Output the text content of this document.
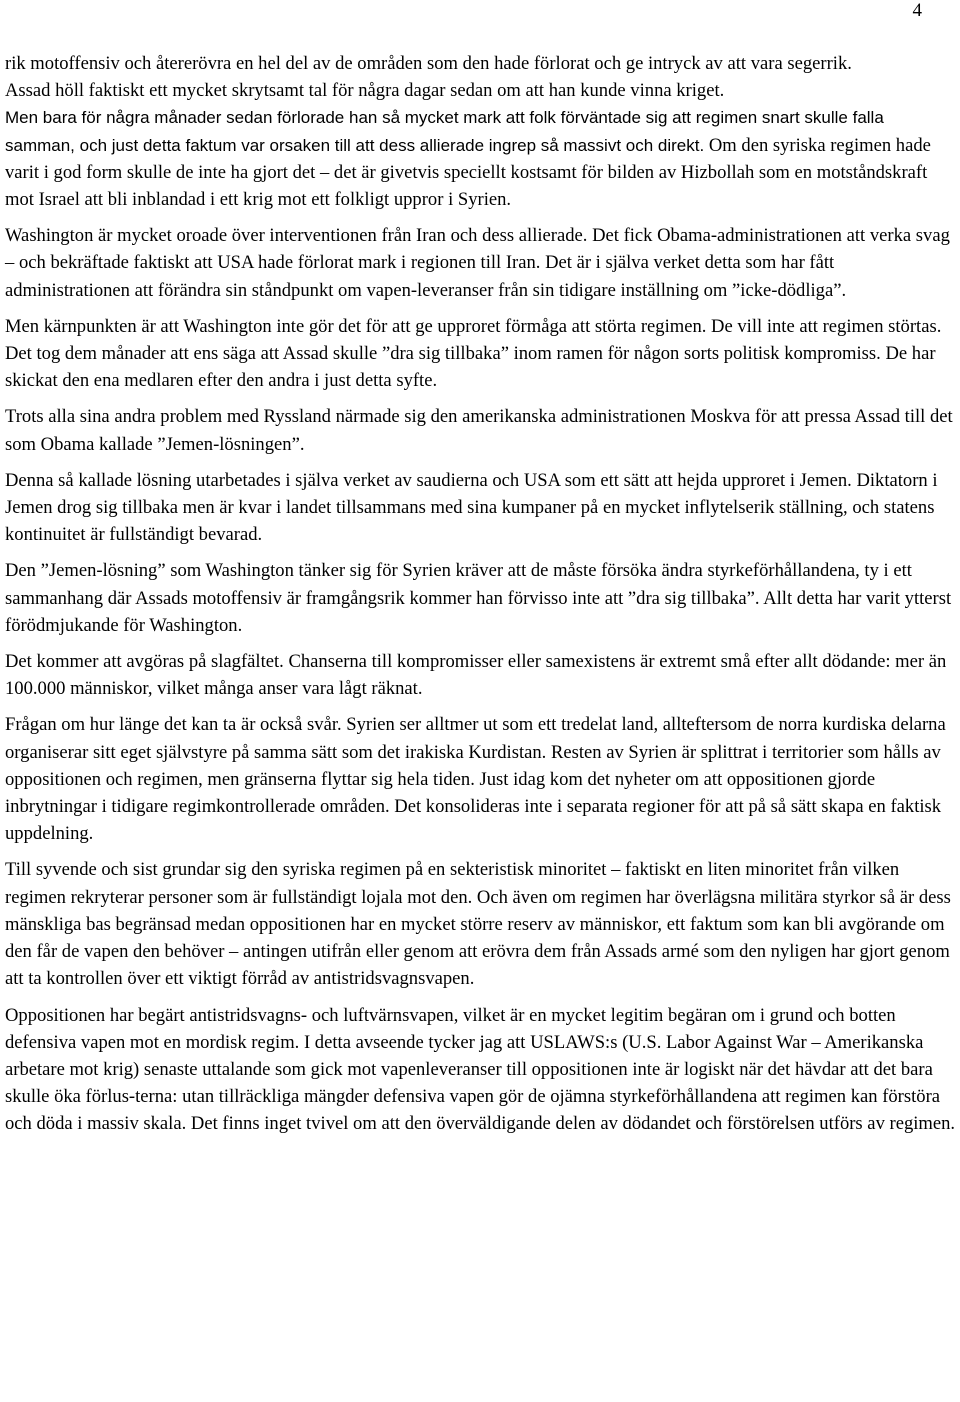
4

rik motoffensiv och återerövra en hel del av de områden som den hade förlorat och ge intryck av att vara segerrik.

Assad höll faktiskt ett mycket skrytsamt tal för några dagar sedan om att han kunde vinna kriget.

Men bara för några månader sedan förlorade han så mycket mark att folk förväntade sig att regimen snart skulle falla samman, och just detta faktum var orsaken till att dess allierade ingrep så massivt och direkt. Om den syriska regimen hade varit i god form skulle de inte ha gjort det – det är givetvis speciellt kostsamt för bilden av Hizbollah som en motståndskraft mot Israel att bli inblandad i ett krig mot ett folkligt uppror i Syrien.

Washington är mycket oroade över interventionen från Iran och dess allierade. Det fick Obama-administrationen att verka svag – och bekräftade faktiskt att USA hade förlorat mark i regionen till Iran. Det är i själva verket detta som har fått administrationen att förändra sin ståndpunkt om vapen-leveranser från sin tidigare inställning om ”icke-dödliga”.

Men kärnpunkten är att Washington inte gör det för att ge upproret förmåga att störta regimen. De vill inte att regimen störtas. Det tog dem månader att ens säga att Assad skulle ”dra sig tillbaka” inom ramen för någon sorts politisk kompromiss. De har skickat den ena medlaren efter den andra i just detta syfte.

Trots alla sina andra problem med Ryssland närmade sig den amerikanska administrationen Moskva för att pressa Assad till det som Obama kallade ”Jemen-lösningen”.

Denna så kallade lösning utarbetades i själva verket av saudierna och USA som ett sätt att hejda upproret i Jemen. Diktatorn i Jemen drog sig tillbaka men är kvar i landet tillsammans med sina kumpaner på en mycket inflytelserik ställning, och statens kontinuitet är fullständigt bevarad.

Den ”Jemen-lösning” som Washington tänker sig för Syrien kräver att de måste försöka ändra styrkeförhållandena, ty i ett sammanhang där Assads motoffensiv är framgångsrik kommer han förvisso inte att ”dra sig tillbaka”. Allt detta har varit ytterst förödmjukande för Washington.

Det kommer att avgöras på slagfältet. Chanserna till kompromisser eller samexistens är extremt små efter allt dödande: mer än 100.000 människor, vilket många anser vara lågt räknat.

Frågan om hur länge det kan ta är också svår. Syrien ser alltmer ut som ett tredelat land, allteftersom de norra kurdiska delarna organiserar sitt eget självstyre på samma sätt som det irakiska Kurdistan. Resten av Syrien är splittrat i territorier som hålls av oppositionen och regimen, men gränserna flyttar sig hela tiden. Just idag kom det nyheter om att oppositionen gjorde inbrytningar i tidigare regimkontrollerade områden. Det konsolideras inte i separata regioner för att på så sätt skapa en faktisk uppdelning.

Till syvende och sist grundar sig den syriska regimen på en sekteristisk minoritet – faktiskt en liten minoritet från vilken regimen rekryterar personer som är fullständigt lojala mot den. Och även om regimen har överlägsna militära styrkor så är dess mänskliga bas begränsad medan oppositionen har en mycket större reserv av människor, ett faktum som kan bli avgörande om den får de vapen den behöver – antingen utifrån eller genom att erövra dem från Assads armé som den nyligen har gjort genom att ta kontrollen över ett viktigt förråd av antistridsvagnsvapen.

Oppositionen har begärt antistridsvagns- och luftvärnsvapen, vilket är en mycket legitim begäran om i grund och botten defensiva vapen mot en mordisk regim. I detta avseende tycker jag att USLAWS:s (U.S. Labor Against War – Amerikanska arbetare mot krig) senaste uttalande som gick mot vapenleveranser till oppositionen inte är logiskt när det hävdar att det bara skulle öka förlus-terna: utan tillräckliga mängder defensiva vapen gör de ojämna styrkeförhållandena att regimen kan förstöra och döda i massiv skala. Det finns inget tvivel om att den överväldigande delen av dödandet och förstörelsen utförs av regimen.
